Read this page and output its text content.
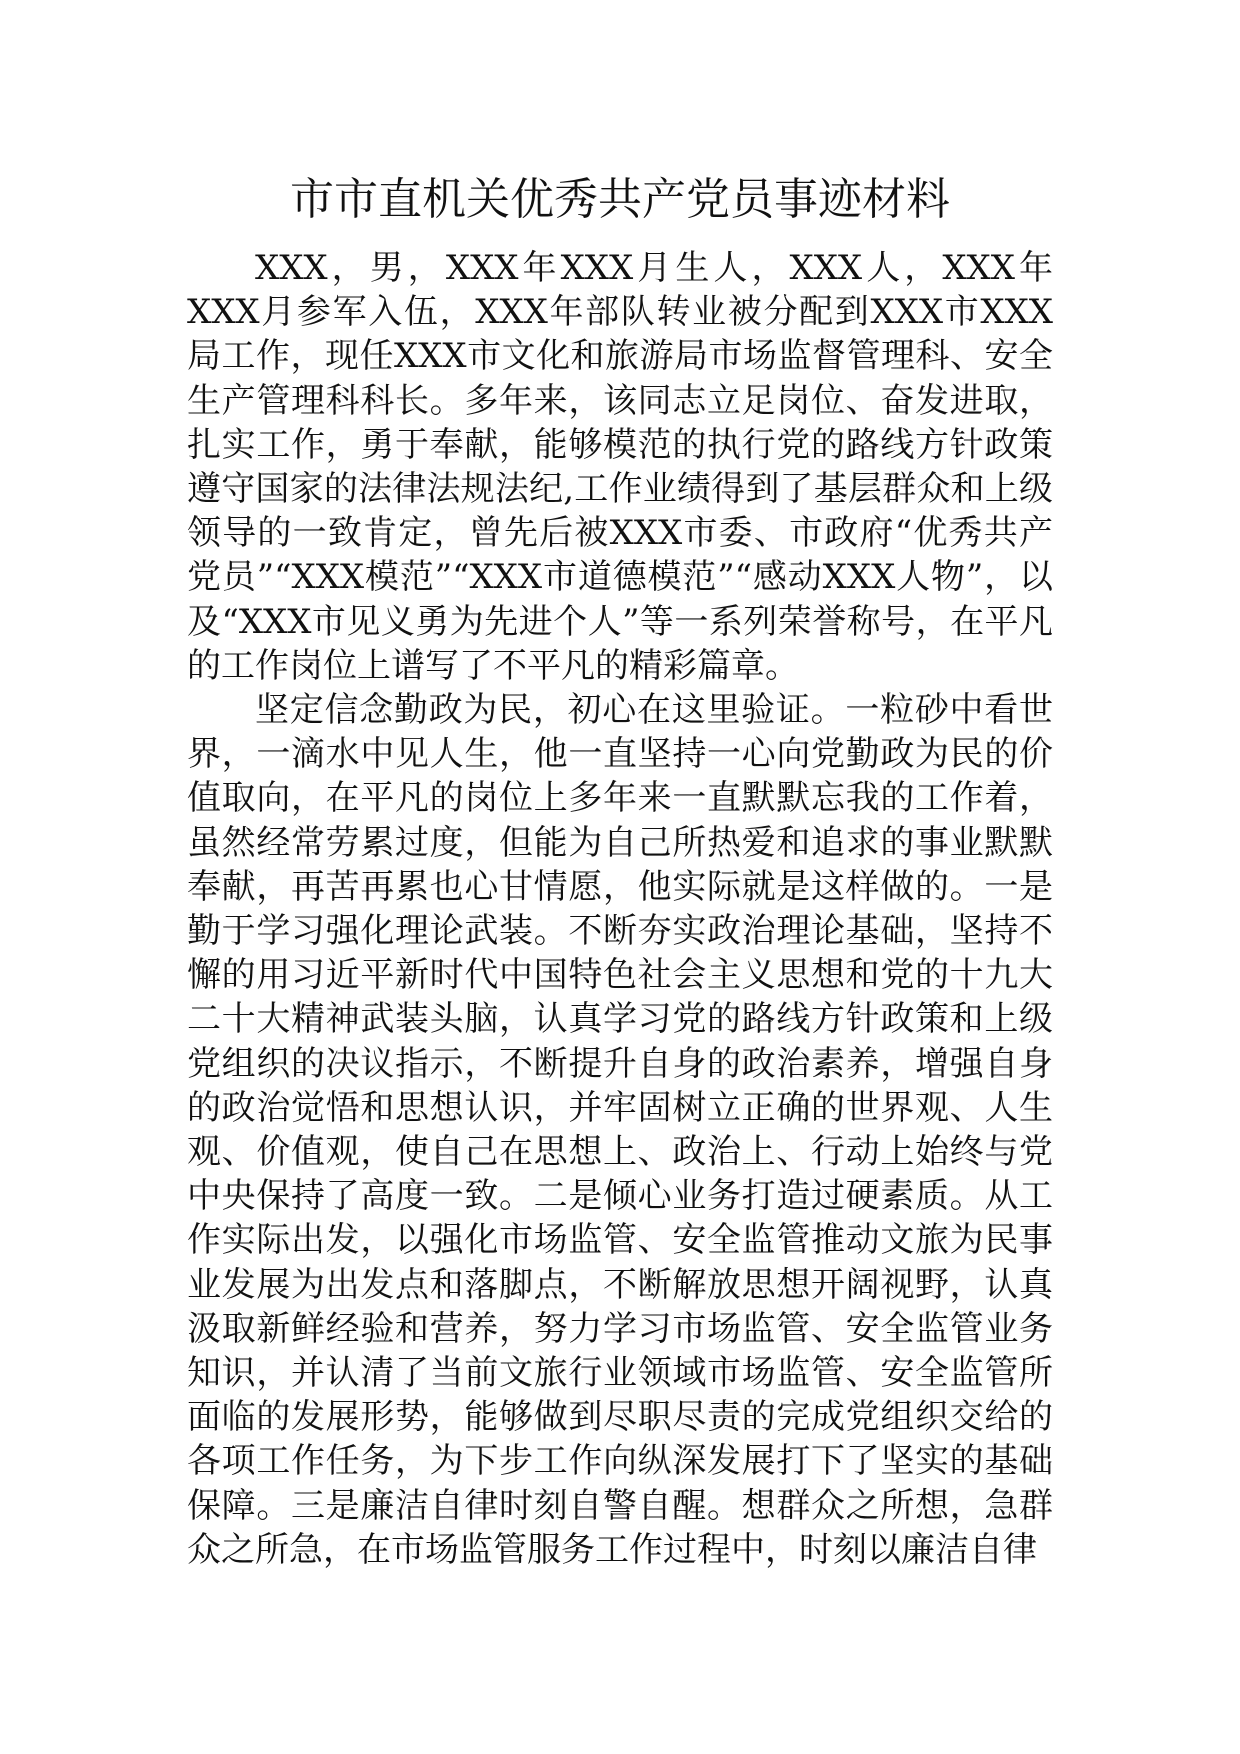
市市直机关优秀共产党员事迹材料

XXX，男，XXX年XXX月生人，XXX人，XXX年XXX月参军入伍，XXX年部队转业被分配到XXX市XXX局工作，现任XXX市文化和旅游局市场监督管理科、安全生产管理科科长。多年来，该同志立足岗位、奋发进取，扎实工作，勇于奉献，能够模范的执行党的路线方针政策遵守国家的法律法规法纪,工作业绩得到了基层群众和上级领导的一致肯定，曾先后被XXX市委、市政府“优秀共产党员”“XXX模范”“XXX市道德模范”“感动XXX人物”，以及“XXX市见义勇为先进个人”等一系列荣誉称号，在平凡的工作岗位上谱写了不平凡的精彩篇章。

坚定信念勤政为民，初心在这里验证。一粒砂中看世界，一滴水中见人生，他一直坚持一心向党勤政为民的价值取向，在平凡的岗位上多年来一直默默忘我的工作着，虽然经常劳累过度，但能为自己所热爱和追求的事业默默奉献，再苦再累也心甘情愿，他实际就是这样做的。一是勤于学习强化理论武装。不断夯实政治理论基础，坚持不懈的用习近平新时代中国特色社会主义思想和党的十九大二十大精神武装头脑，认真学习党的路线方针政策和上级党组织的决议指示，不断提升自身的政治素养，增强自身的政治觉悟和思想认识，并牢固树立正确的世界观、人生观、价值观，使自己在思想上、政治上、行动上始终与党中央保持了高度一致。二是倾心业务打造过硬素质。从工作实际出发，以强化市场监管、安全监管推动文旅为民事业发展为出发点和落脚点，不断解放思想开阔视野，认真汲取新鲜经验和营养，努力学习市场监管、安全监管业务知识，并认清了当前文旅行业领域市场监管、安全监管所面临的发展形势，能够做到尽职尽责的完成党组织交给的各项工作任务，为下步工作向纵深发展打下了坚实的基础保障。三是廉洁自律时刻自警自醒。想群众之所想，急群众之所急，在市场监管服务工作过程中，时刻以廉洁自律
